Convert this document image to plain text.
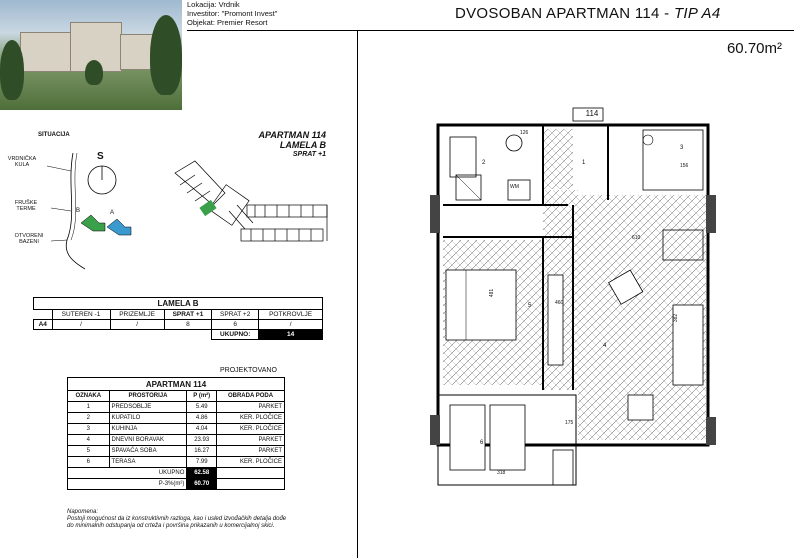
Lokacija: Vrdnik
Investitor: "Promont Invest"
Objekat: Premier Resort
DVOSOBAN APARTMAN 114 - TIP A4
60.70m²
SITUACIJA
VRDNIČKA KULA
FRUŠKE TERME
OTVORENI BAZENI
S
B	A
APARTMAN 114
LAMELA B
SPRAT +1
LAMELA B					
	SUTEREN -1	PRIZEMLJE	SPRAT +1	SPRAT +2	POTKROVLJE
A4	/	/	8	6	/
				UKUPNO:	14
PROJEKTOVANO
APARTMAN 114			
OZNAKA	PROSTORIJA	P (m²)	OBRADA PODA
1	PREDSOBLJE	5.49	PARKET
2	KUPATILO	4.86	KER. PLOČICE
3	KUHINJA	4.04	KER. PLOČICE
4	DNEVNI BORAVAK	23.93	PARKET
5	SPAVAĆA SOBA	16.27	PARKET
6	TERASA	7.99	KER. PLOČICE
UKUPNO		62.58	
P-3%(m²)		60.70	
Napomena:
Postoji mogućnost da iz konstruktivnih razloga, kao i usled izvođačkih detalja dođe do minimalnih odstupanja od crteža i površina prikazanih u komercijalnoj skici.
114
WM
481
610
382
318
126
156
175
460
2	1
3
4
5
6
